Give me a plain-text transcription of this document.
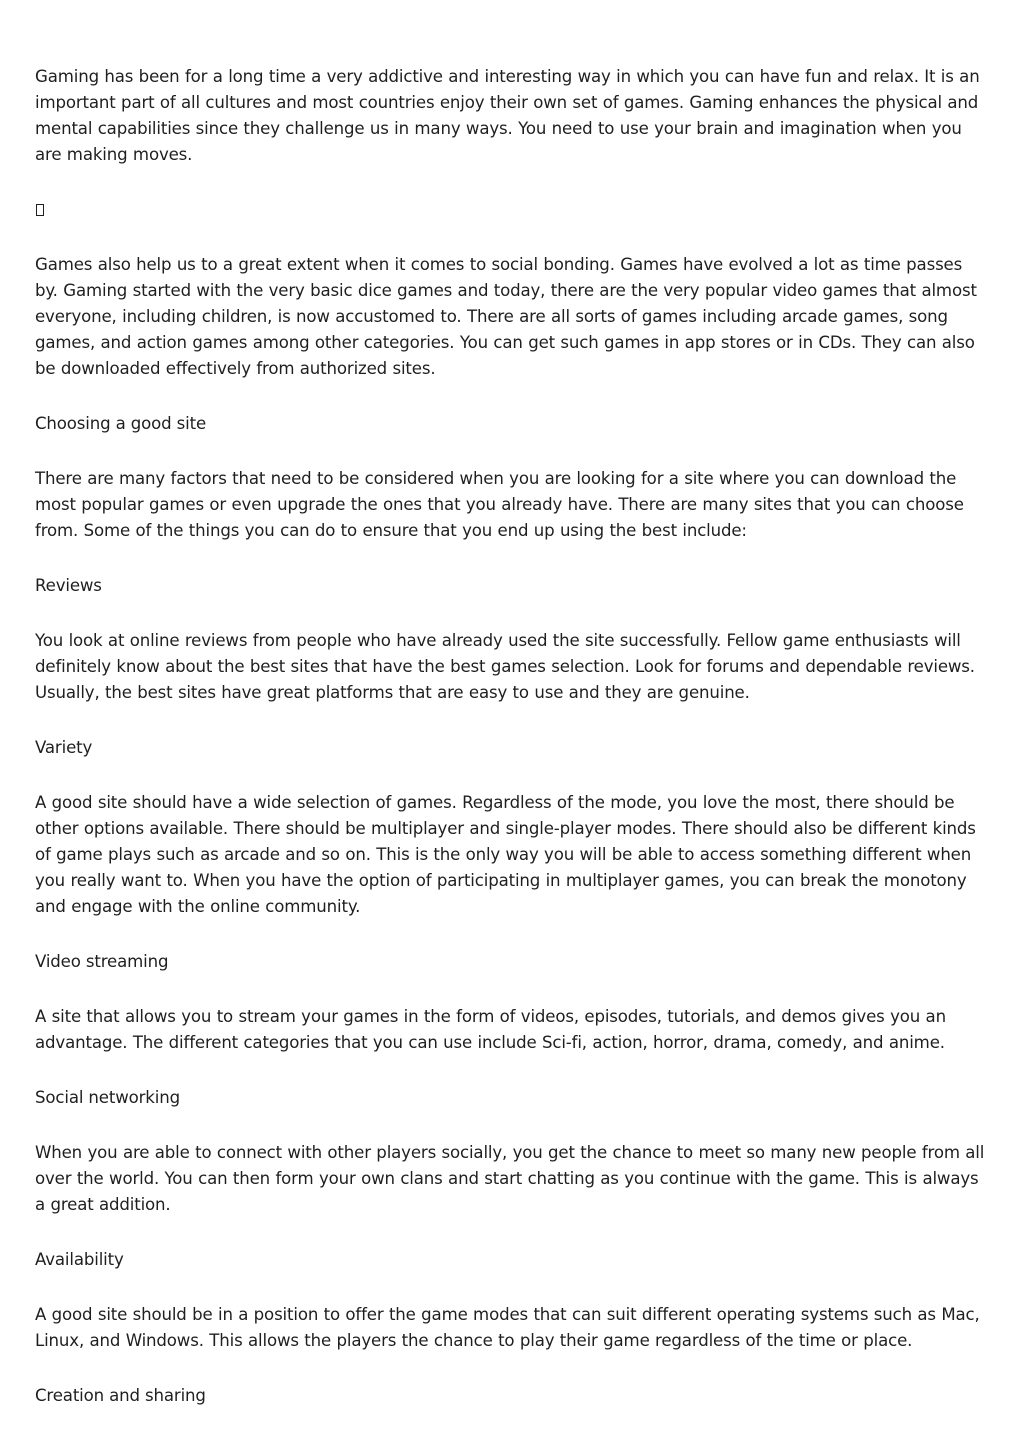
Gaming has been for a long time a very addictive and interesting way in which you can have fun and relax. It is an important part of all cultures and most countries enjoy their own set of games. Gaming enhances the physical and mental capabilities since they challenge us in many ways. You need to use your brain and imagination when you are making moves.

Games also help us to a great extent when it comes to social bonding. Games have evolved a lot as time passes by. Gaming started with the very basic dice games and today, there are the very popular video games that almost everyone, including children, is now accustomed to. There are all sorts of games including arcade games, song games, and action games among other categories. You can get such games in app stores or in CDs. They can also be downloaded effectively from authorized sites.

Choosing a good site

There are many factors that need to be considered when you are looking for a site where you can download the most popular games or even upgrade the ones that you already have. There are many sites that you can choose from. Some of the things you can do to ensure that you end up using the best include:

Reviews

You look at online reviews from people who have already used the site successfully. Fellow game enthusiasts will definitely know about the best sites that have the best games selection. Look for forums and dependable reviews. Usually, the best sites have great platforms that are easy to use and they are genuine.

Variety

A good site should have a wide selection of games. Regardless of the mode, you love the most, there should be other options available. There should be multiplayer and single-player modes. There should also be different kinds of game plays such as arcade and so on. This is the only way you will be able to access something different when you really want to. When you have the option of participating in multiplayer games, you can break the monotony and engage with the online community.

Video streaming

A site that allows you to stream your games in the form of videos, episodes, tutorials, and demos gives you an advantage. The different categories that you can use include Sci-fi, action, horror, drama, comedy, and anime.

Social networking

When you are able to connect with other players socially, you get the chance to meet so many new people from all over the world. You can then form your own clans and start chatting as you continue with the game. This is always a great addition.

Availability

A good site should be in a position to offer the game modes that can suit different operating systems such as Mac, Linux, and Windows. This allows the players the chance to play their game regardless of the time or place.

Creation and sharing
